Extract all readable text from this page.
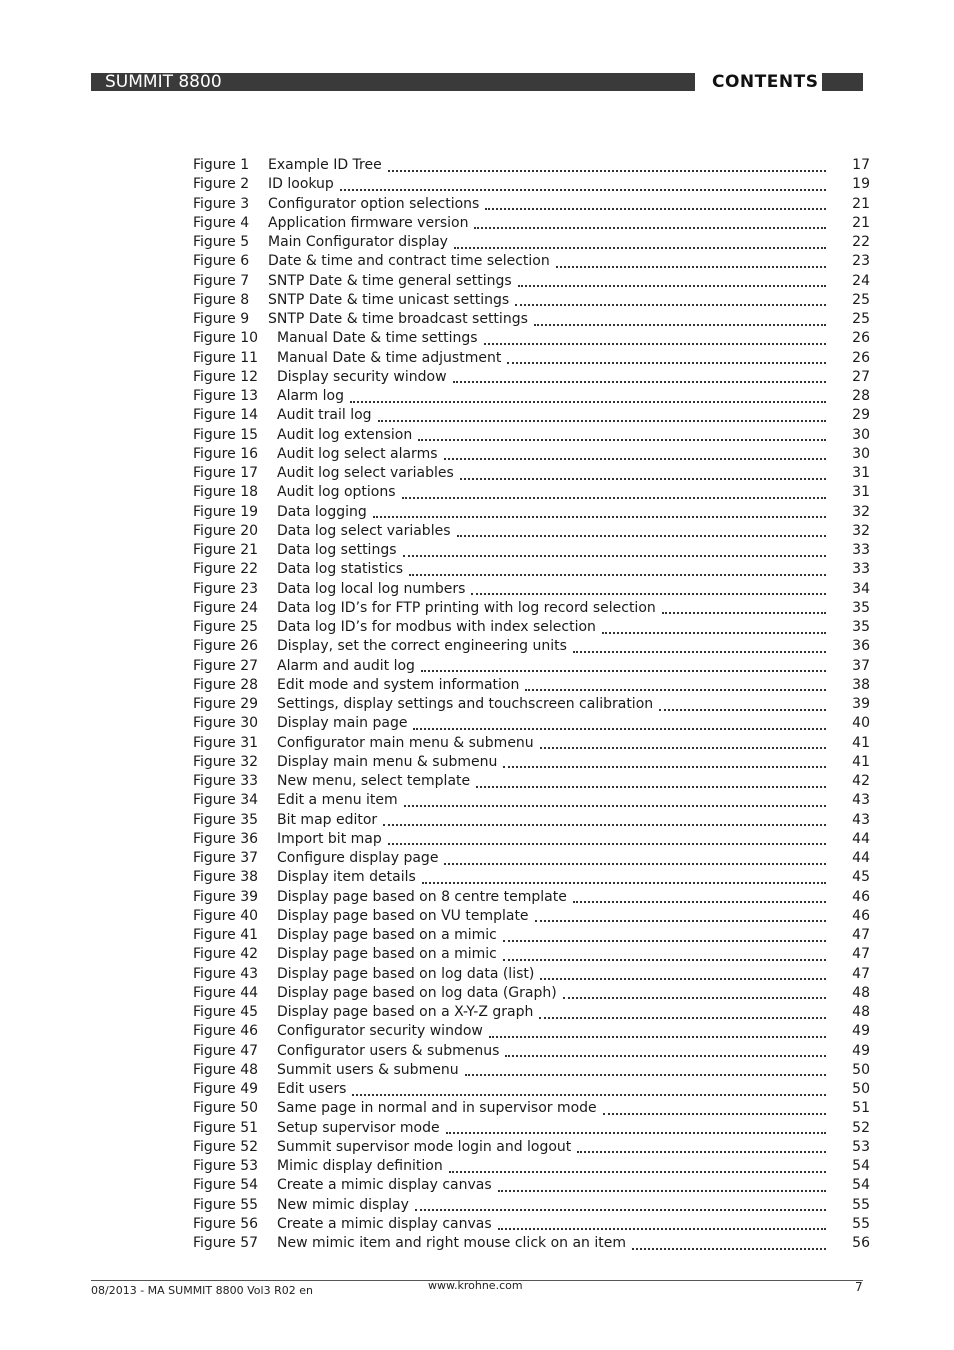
SUMMIT 8800	CONTENTS
Figure 1	Example ID Tree	17
Figure 2	ID lookup	19
Figure 3	Configurator option selections	21
Figure 4	Application firmware version	21
Figure 5	Main Configurator display	22
Figure 6	Date & time and contract time selection	23
Figure 7	SNTP Date & time general settings	24
Figure 8	SNTP Date & time unicast settings	25
Figure 9	SNTP Date & time broadcast settings	25
Figure 10	Manual Date & time settings	26
Figure 11	Manual Date & time adjustment	26
Figure 12	Display security window	27
Figure 13	Alarm log	28
Figure 14	Audit trail log	29
Figure 15	Audit log extension	30
Figure 16	Audit log select alarms	30
Figure 17	Audit log select variables	31
Figure 18	Audit log options	31
Figure 19	Data logging	32
Figure 20	Data log select variables	32
Figure 21	Data log settings	33
Figure 22	Data log statistics	33
Figure 23	Data log local log numbers	34
Figure 24	Data log ID’s for FTP printing with log record selection	35
Figure 25	Data log ID’s for modbus with index selection	35
Figure 26	Display, set the correct engineering units	36
Figure 27	Alarm and audit log	37
Figure 28	Edit mode and system information	38
Figure 29	Settings, display settings and touchscreen calibration	39
Figure 30	Display main page	40
Figure 31	Configurator main menu & submenu	41
Figure 32	Display main menu & submenu	41
Figure 33	New menu, select template	42
Figure 34	Edit a menu item	43
Figure 35	Bit map editor	43
Figure 36	Import bit map	44
Figure 37	Configure display page	44
Figure 38	Display item details	45
Figure 39	Display page based on 8 centre template	46
Figure 40	Display page based on VU template	46
Figure 41	Display page based on a mimic	47
Figure 42	Display page based on a mimic	47
Figure 43	Display page based on log data (list)	47
Figure 44	Display page based on log data (Graph)	48
Figure 45	Display page based on a X-Y-Z graph	48
Figure 46	Configurator security window	49
Figure 47	Configurator users & submenus	49
Figure 48	Summit users & submenu	50
Figure 49	Edit users	50
Figure 50	Same page in normal and in supervisor mode	51
Figure 51	Setup supervisor mode	52
Figure 52	Summit supervisor mode login and logout	53
Figure 53	Mimic display definition	54
Figure 54	Create a mimic display canvas	54
Figure 55	New mimic display	55
Figure 56	Create a mimic display canvas	55
Figure 57	New mimic item and right mouse click on an item	56
08/2013 - MA SUMMIT 8800 Vol3 R02 en	www.krohne.com	7
